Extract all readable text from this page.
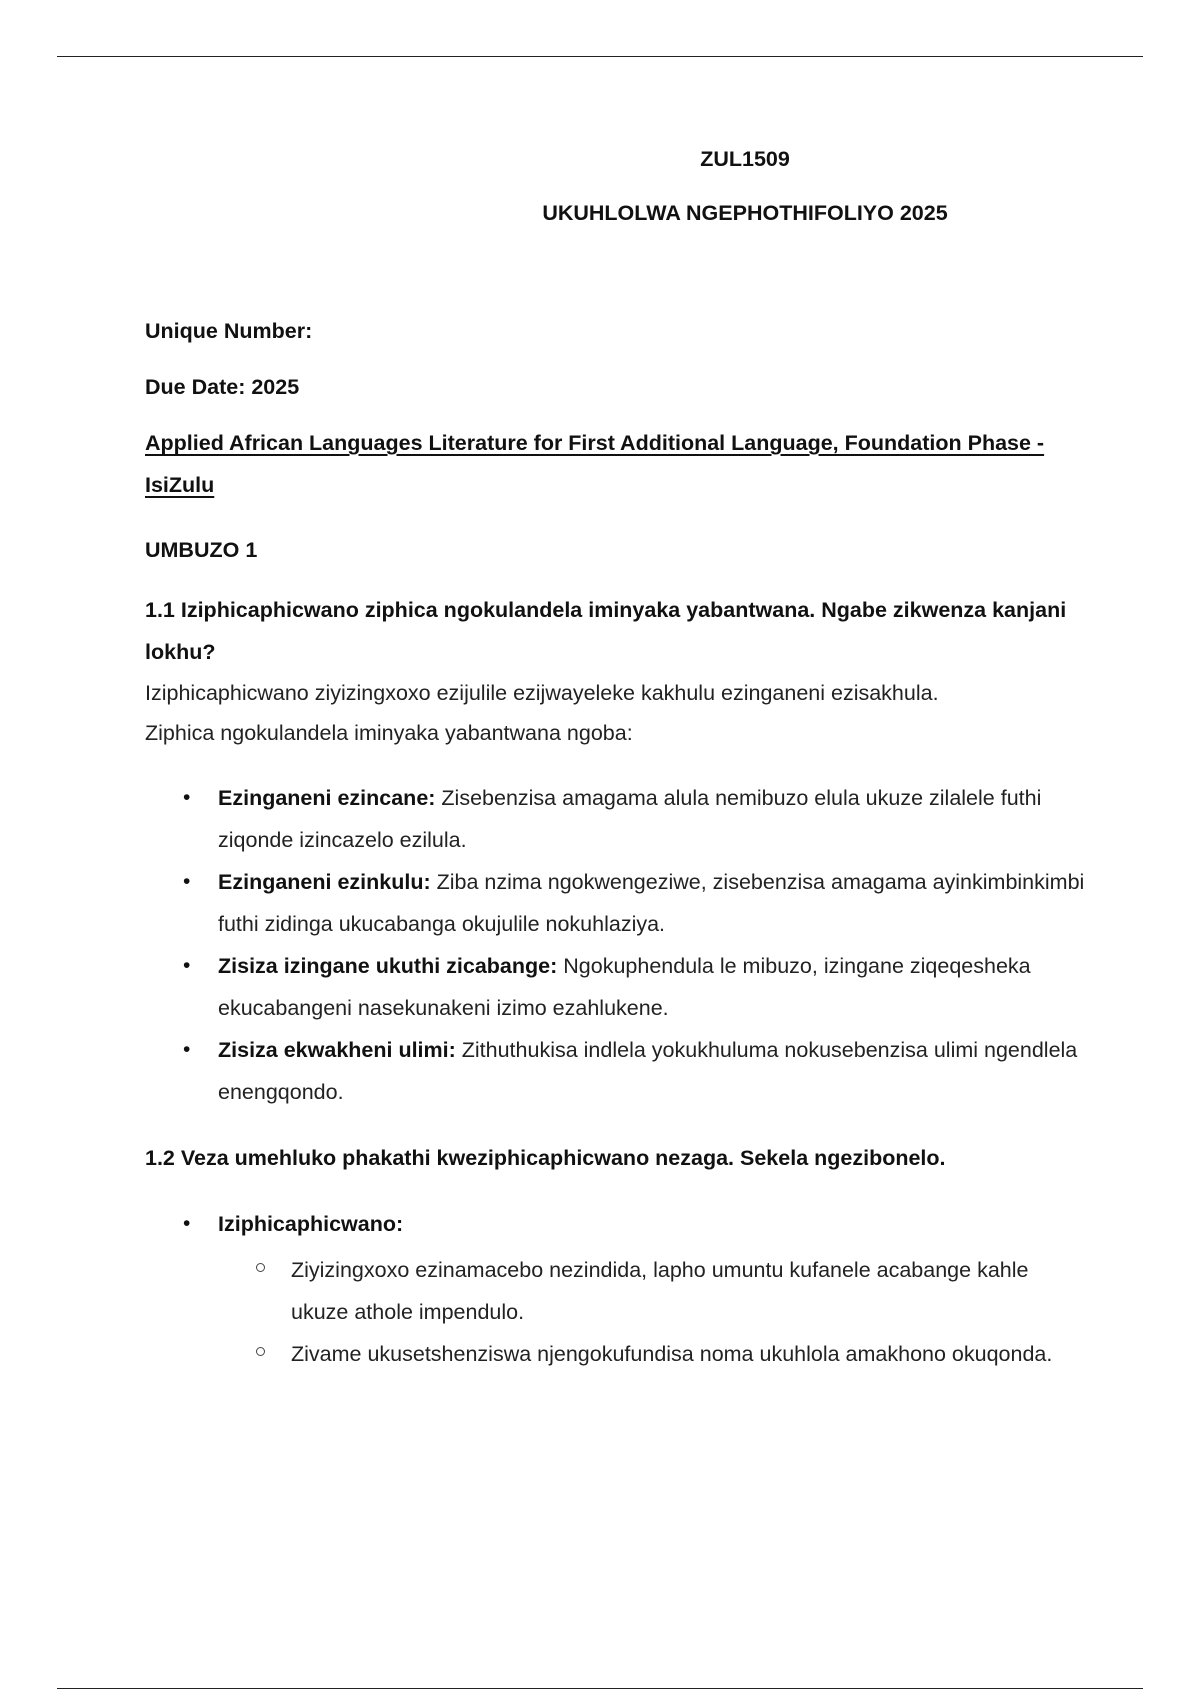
ZUL1509

UKUHLOLWA NGEPHOTHIFOLIYO 2025

Unique Number:

Due Date: 2025

Applied African Languages Literature for First Additional Language, Foundation Phase - IsiZulu

UMBUZO 1

1.1 Iziphicaphicwano ziphica ngokulandela iminyaka yabantwana. Ngabe zikwenza kanjani lokhu?

Iziphicaphicwano ziyizingxoxo ezijulile ezijwayeleke kakhulu ezinganeni ezisakhula.
Ziphica ngokulandela iminyaka yabantwana ngoba:

• Ezinganeni ezincane: Zisebenzisa amagama alula nemibuzo elula ukuze zilalele futhi ziqonde izincazelo ezilula.
• Ezinganeni ezinkulu: Ziba nzima ngokwengeziwe, zisebenzisa amagama ayinkimbinkimbi futhi zidinga ukucabanga okujulile nokuhlaziya.
• Zisiza izingane ukuthi zicabange: Ngokuphendula le mibuzo, izingane ziqeqesheka ekucabangeni nasekunakeni izimo ezahlukene.
• Zisiza ekwakheni ulimi: Zithuthukisa indlela yokukhuluma nokusebenzisa ulimi ngendlela enengqondo.

1.2 Veza umehluko phakathi kweziphicaphicwano nezaga. Sekela ngezibonelo.

• Iziphicaphicwano:
Ziyizingxoxo ezinamacebo nezindida, lapho umuntu kufanele acabange kahle ukuze athole impendulo.
Zivame ukusetshenziswa njengokufundisa noma ukuhlola amakhono okuqonda.
